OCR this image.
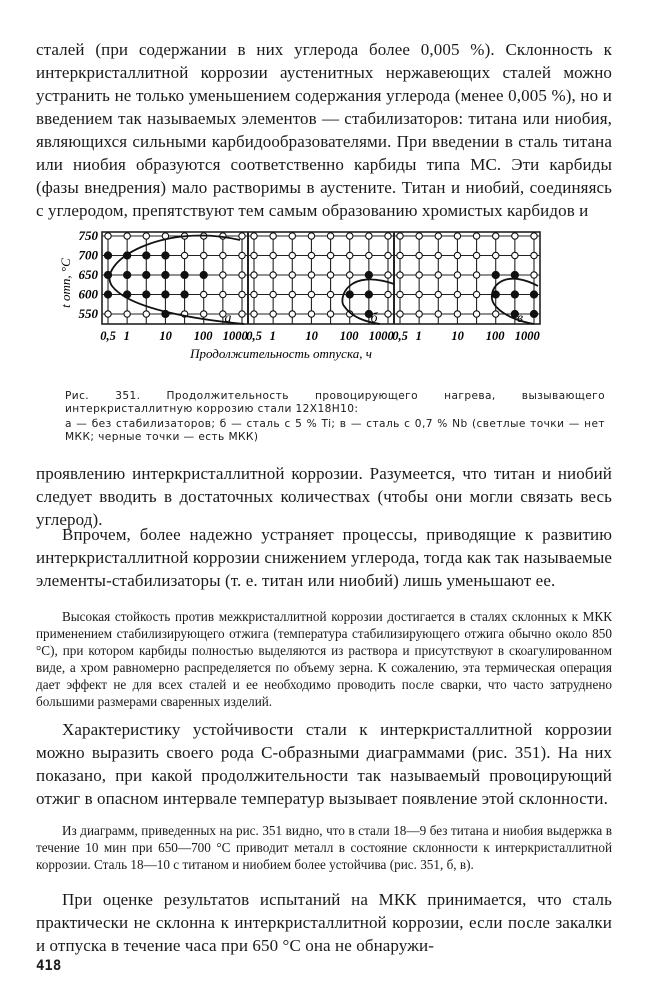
сталей (при содержании в них углерода более 0,005 %). Склонность к интеркристаллитной коррозии аустенитных нержавеющих сталей можно устранить не только уменьшением содержания углерода (менее 0,005 %), но и введением так называемых элементов — стабилизаторов: титана или ниобия, являющихся сильными карбидообразователями. При введении в сталь титана или ниобия образуются соответственно карбиды типа МС. Эти карбиды (фазы внедрения) мало растворимы в аустените. Титан и ниобий, соединяясь с углеродом, препятствуют тем самым образованию хромистых карбидов и

750
700
650
600
550
t отп, °С
а	б	в
0,5 1 10 100 1000
0,5 1 10 100 1000
0,5 1 10 100 1000
Продолжительность отпуска, ч

Рис. 351. Продолжительность провоцирующего нагрева, вызывающего интеркристаллитную коррозию стали 12Х18Н10:

а — без стабилизаторов; б — сталь с 5 % Ti; в — сталь с 0,7 % Nb (светлые точки — нет МКК; черные точки — есть МКК)

проявлению интеркристаллитной коррозии. Разумеется, что титан и ниобий следует вводить в достаточных количествах (чтобы они могли связать весь углерод).

Впрочем, более надежно устраняет процессы, приводящие к развитию интеркристаллитной коррозии снижением углерода, тогда как так называемые элементы-стабилизаторы (т. е. титан или ниобий) лишь уменьшают ее.

Высокая стойкость против межкристаллитной коррозии достигается в сталях склонных к МКК применением стабилизирующего отжига (температура стабилизирующего отжига обычно около 850 °С), при котором карбиды полностью выделяются из раствора и присутствуют в скоагулированном виде, а хром равномерно распределяется по объему зерна. К сожалению, эта термическая операция дает эффект не для всех сталей и ее необходимо проводить после сварки, что часто затруднено большими размерами сваренных изделий.

Характеристику устойчивости стали к интеркристаллитной коррозии можно выразить своего рода С-образными диаграммами (рис. 351). На них показано, при какой продолжительности так называемый провоцирующий отжиг в опасном интервале температур вызывает появление этой склонности.

Из диаграмм, приведенных на рис. 351 видно, что в стали 18—9 без титана и ниобия выдержка в течение 10 мин при 650—700 °С приводит металл в состояние склонности к интеркристаллитной коррозии. Сталь 18—10 с титаном и ниобием более устойчива (рис. 351, б, в).

При оценке результатов испытаний на МКК принимается, что сталь практически не склонна к интеркристаллитной коррозии, если после закалки и отпуска в течение часа при 650 °С она не обнаружи-

418
